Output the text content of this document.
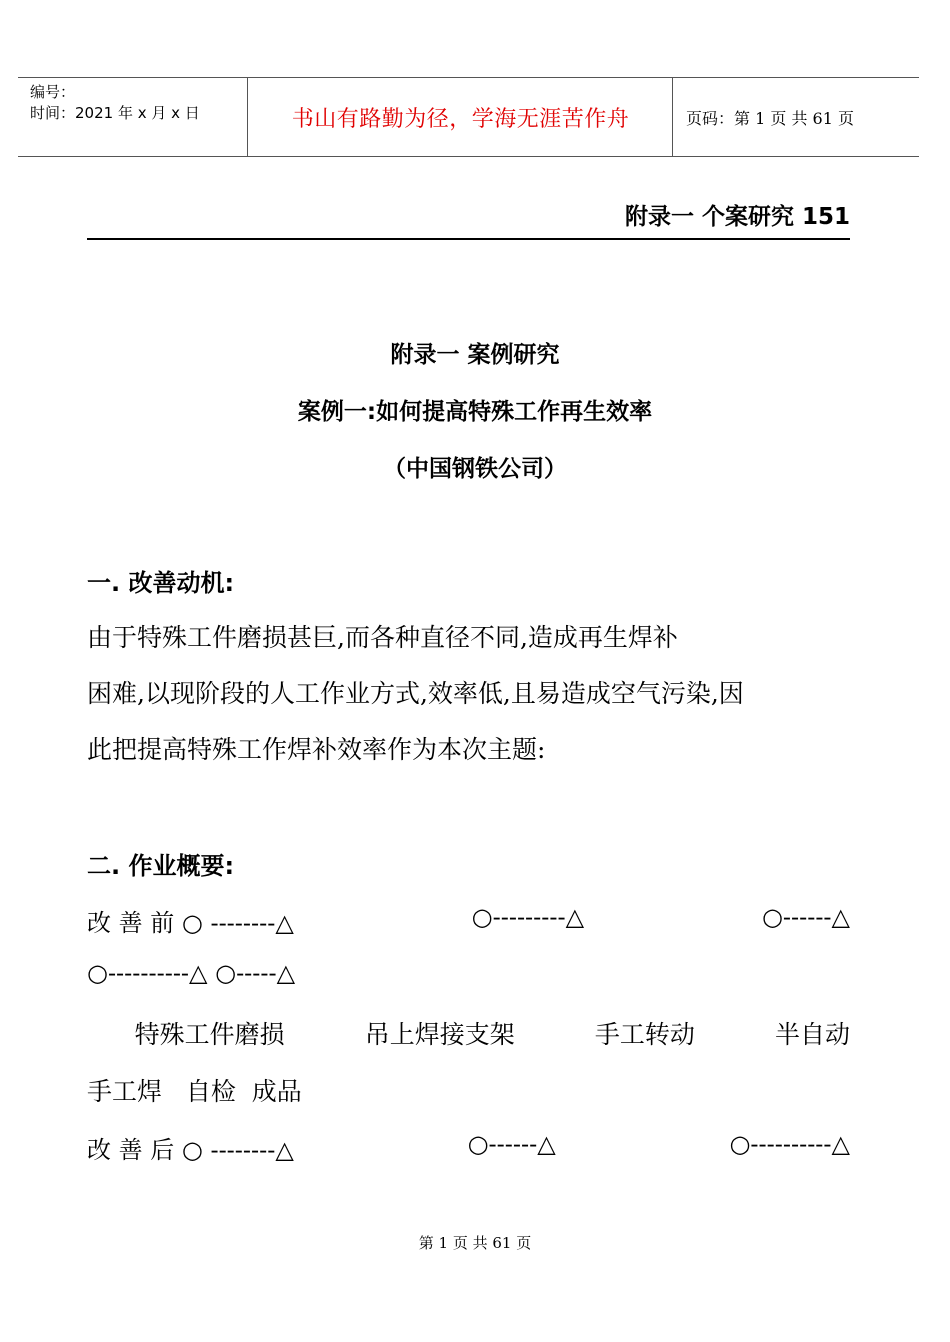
编号：
时间：2021 年 x 月 x 日	书山有路勤为径，学海无涯苦作舟	页码：第 1 页 共 61 页
附录一 个案研究 151
附录一 案例研究
案例一:如何提高特殊工作再生效率
（中国钢铁公司）
一. 改善动机:
由于特殊工件磨损甚巨,而各种直径不同,造成再生焊补
困难,以现阶段的人工作业方式,效率低,且易造成空气污染,因
此把提高特殊工作焊补效率作为本次主题:
二. 作业概要:
改 善 前 ○ --------△	○---------△	○------△
○----------△ ○-----△
特殊工件磨损	吊上焊接支架	手工转动	半自动
手工焊   自检  成品
改 善 后 ○ --------△	○------△	○----------△
第 1 页 共 61 页
